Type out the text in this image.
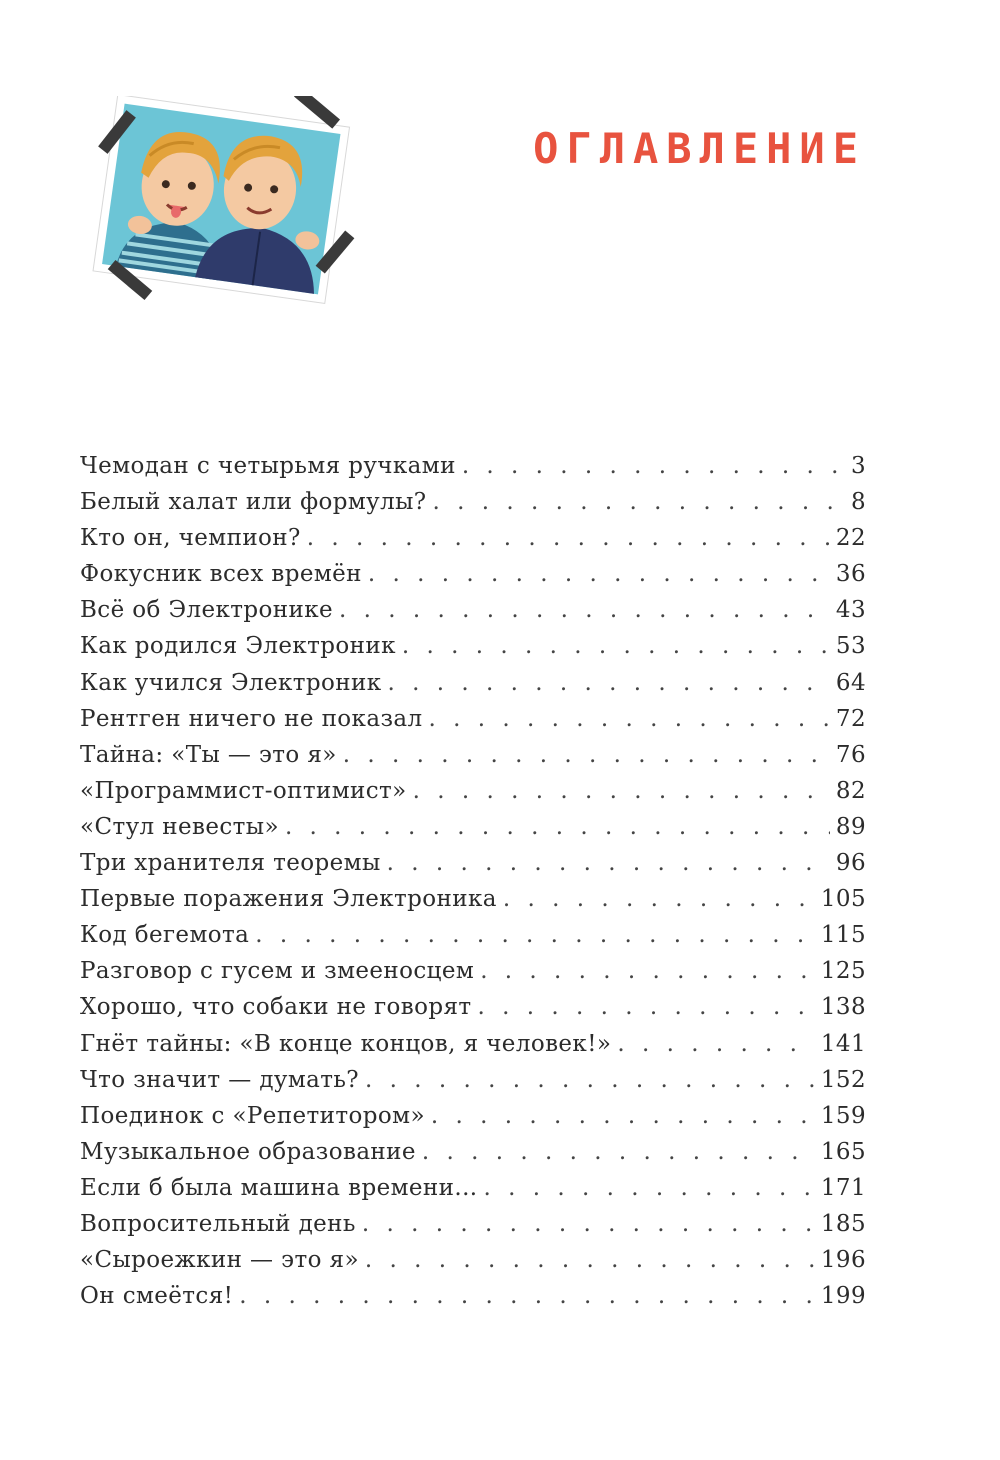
ОГЛАВЛЕНИЕ
Чемодан с четырьмя ручками . . .	3
Белый халат или формулы? . . .	8
Кто он, чемпион? . . .	22
Фокусник всех времён . . .	36
Всё об Электронике . . .	43
Как родился Электроник . . .	53
Как учился Электроник . . .	64
Рентген ничего не показал . . .	72
Тайна: «Ты — это я» . . .	76
«Программист-оптимист» . . .	82
«Стул невесты» . . .	89
Три хранителя теоремы . . .	96
Первые поражения Электроника . . .	105
Код бегемота . . .	115
Разговор с гусем и змееносцем . . .	125
Хорошо, что собаки не говорят . . .	138
Гнёт тайны: «В конце концов, я человек!» . . .	141
Что значит — думать? . . .	152
Поединок с «Репетитором» . . .	159
Музыкальное образование . . .	165
Если б была машина времени... . . .	171
Вопросительный день . . .	185
«Сыроежкин — это я» . . .	196
Он смеётся! . . .	199
